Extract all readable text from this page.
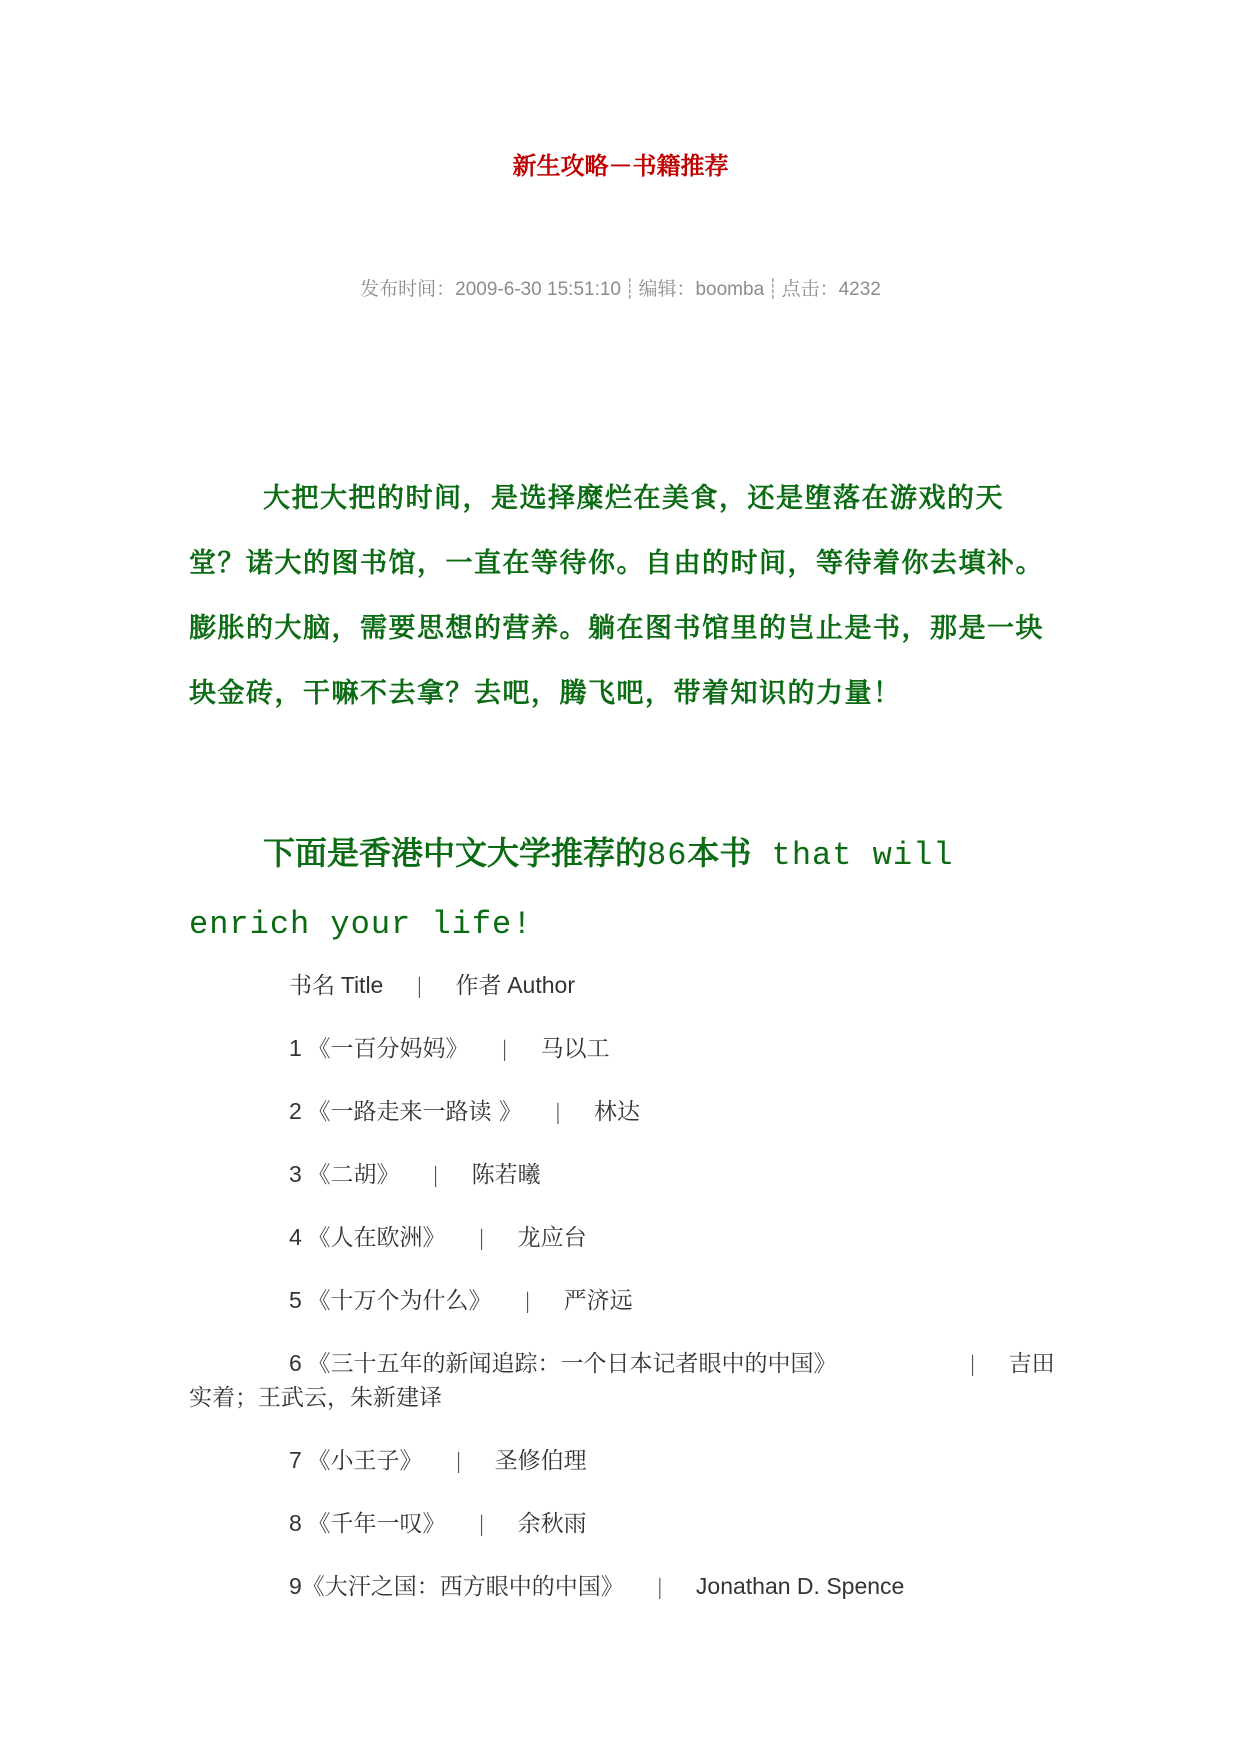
新生攻略－书籍推荐
发布时间：2009-6-30 15:51:10 ┊ 编辑：boomba ┊ 点击：4232

大把大把的时间，是选择糜烂在美食，还是堕落在游戏的天堂？诺大的图书馆，一直在等待你。自由的时间，等待着你去填补。膨胀的大脑，需要思想的营养。躺在图书馆里的岂止是书，那是一块块金砖，干嘛不去拿？去吧，腾飞吧，带着知识的力量！

下面是香港中文大学推荐的86本书 that will enrich your life!

书名 Title | 作者 Author
1 《一百分妈妈》 | 马以工
2 《一路走来一路读 》 | 林达
3 《二胡》 | 陈若曦
4 《人在欧洲》 | 龙应台
5 《十万个为什么》 | 严济远
6 《三十五年的新闻追踪：一个日本记者眼中的中国》	| 吉田实着；王武云，朱新建译
7 《小王子》 | 圣修伯理
8 《千年一叹》 | 余秋雨
9《大汗之国：西方眼中的中国》 | Jonathan D. Spence
